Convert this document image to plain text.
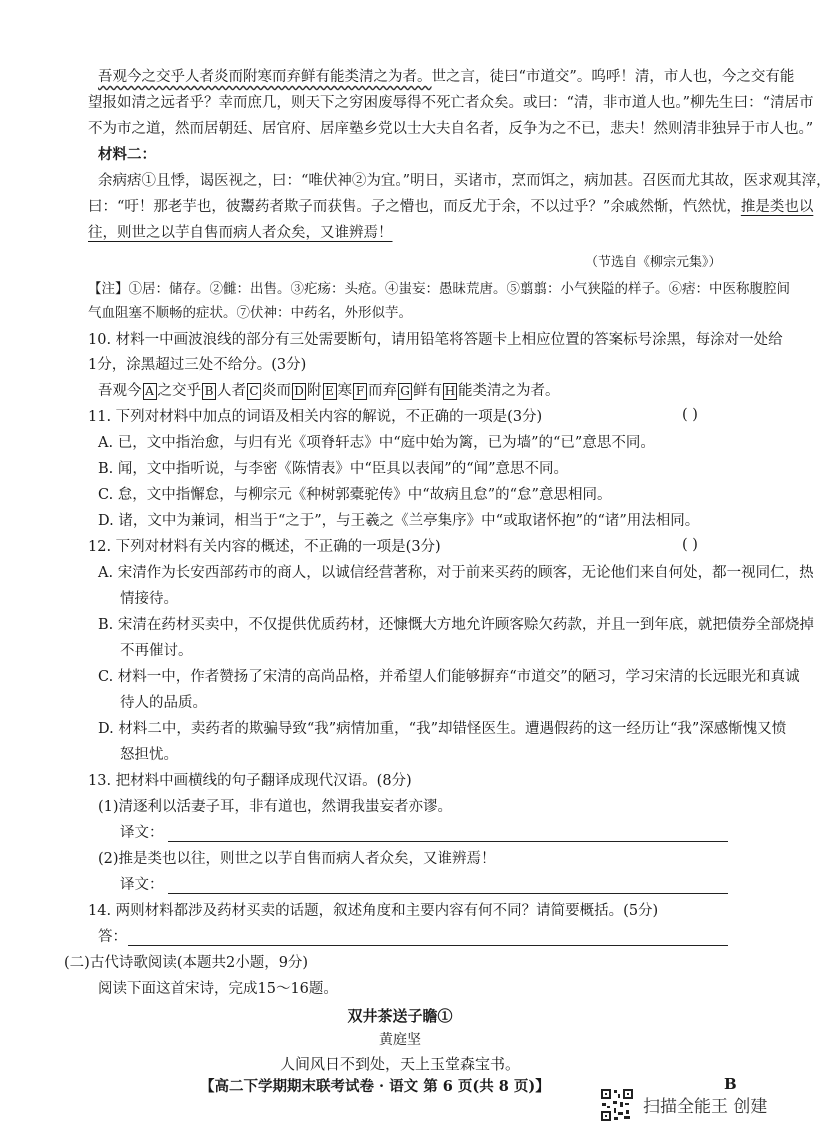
吾观今之交乎人者炎而附寒而弃鲜有能类清之为者。世之言，徒曰“市道交”。呜呼！清，市人也，今之交有能
望报如清之远者乎？幸而庶几，则天下之穷困废辱得不死亡者众矣。或曰：“清，非市道人也。”柳先生曰：“清居市
不为市之道，然而居朝廷、居官府、居庠塾乡党以士大夫自名者，反争为之不已，悲夫！然则清非独异于市人也。”
材料二：
余病痞①且悸，谒医视之，曰：“唯伏神②为宜。”明日，买诸市，烹而饵之，病加甚。召医而尤其故，医求观其滓，
曰：“吁！那老芋也，彼鬻药者欺子而获售。子之懵也，而反尤于余，不以过乎？”余戚然惭，忾然忧，推是类也以
往，则世之以芋自售而病人者众矣，又谁辨焉！
（节选自《柳宗元集》）
【注】①居：储存。②雠：出售。③疕疡：头疮。④蚩妄：愚昧荒唐。⑤翦翦：小气狭隘的样子。⑥痞：中医称腹腔间
气血阻塞不顺畅的症状。⑦伏神：中药名，外形似芋。
10. 材料一中画波浪线的部分有三处需要断句，请用铅笔将答题卡上相应位置的答案标号涂黑，每涂对一处给
1分，涂黑超过三处不给分。(3分)
吾观今 A 之交乎 B 人者 C 炎而 D 附 E 寒 F 而弃 G 鲜有 H 能类清之为者。
11. 下列对材料中加点的词语及相关内容的解说，不正确的一项是(3分)	( )
A. 已，文中指治愈，与归有光《项脊轩志》中“庭中始为篱，已为墙”的“已”意思不同。
B. 闻，文中指听说，与李密《陈情表》中“臣具以表闻”的“闻”意思不同。
C. 怠，文中指懈怠，与柳宗元《种树郭橐驼传》中“故病且怠”的“怠”意思相同。
D. 诸，文中为兼词，相当于“之于”，与王羲之《兰亭集序》中“或取诸怀抱”的“诸”用法相同。
12. 下列对材料有关内容的概述，不正确的一项是(3分)	( )
A. 宋清作为长安西部药市的商人，以诚信经营著称，对于前来买药的顾客，无论他们来自何处，都一视同仁，热
情接待。
B. 宋清在药材买卖中，不仅提供优质药材，还慷慨大方地允许顾客赊欠药款，并且一到年底，就把债券全部烧掉
不再催讨。
C. 材料一中，作者赞扬了宋清的高尚品格，并希望人们能够摒弃“市道交”的陋习，学习宋清的长远眼光和真诚
待人的品质。
D. 材料二中，卖药者的欺骗导致“我”病情加重，“我”却错怪医生。遭遇假药的这一经历让“我”深感惭愧又愤
怒担忧。
13. 把材料中画横线的句子翻译成现代汉语。(8分)
(1)清逐利以活妻子耳，非有道也，然谓我蚩妄者亦谬。
译文：
(2)推是类也以往，则世之以芋自售而病人者众矣，又谁辨焉！
译文：
14. 两则材料都涉及药材买卖的话题，叙述角度和主要内容有何不同？请简要概括。(5分)
答：
(二)古代诗歌阅读(本题共2小题，9分)
阅读下面这首宋诗，完成15～16题。
双井茶送子瞻①
黄庭坚
人间风日不到处，天上玉堂森宝书。
【高二下学期期末联考试卷 · 语文 第 6 页(共 8 页)】	B
扫描全能王 创建
